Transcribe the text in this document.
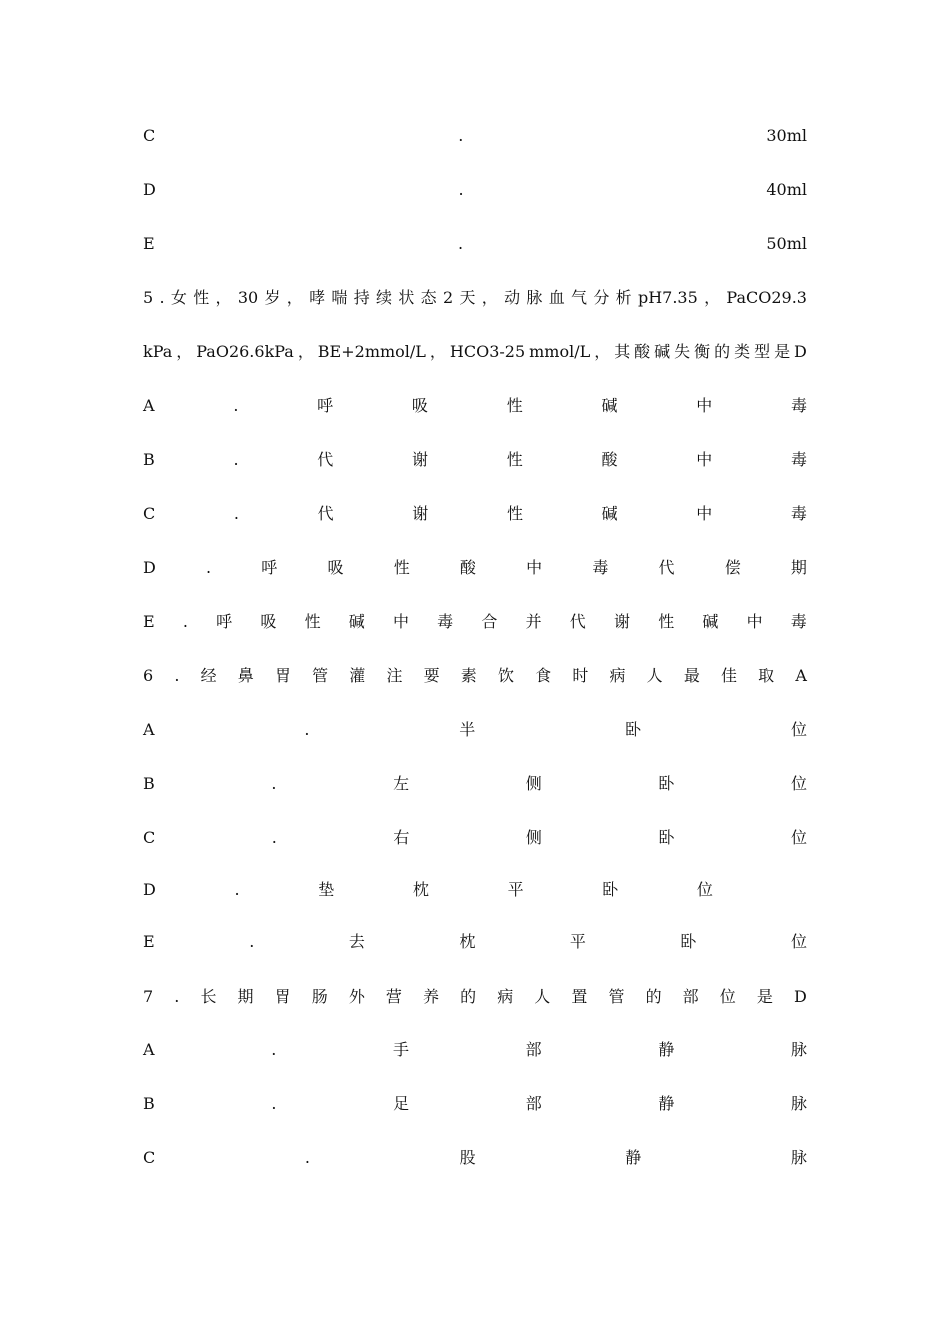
C	.	30ml
D	.	40ml
E	.	50ml
5 . 女 性 ， 30 岁 ， 哮 喘 持 续 状 态 2 天 ， 动 脉 血 气 分 析 pH7.35 ， PaCO29.3
kPa ， PaO26.6kPa ， BE+2mmol/L ， HCO3-25 mmol/L ， 其 酸 碱 失 衡 的 类 型 是 D
A	.	呼	吸	性	碱	中	毒
B	.	代	谢	性	酸	中	毒
C	.	代	谢	性	碱	中	毒
D	.	呼	吸	性	酸	中	毒	代	偿	期
E . 呼 吸 性 碱 中 毒 合 并 代 谢 性 碱 中 毒
6 . 经 鼻 胃 管 灌 注 要 素 饮 食 时 病 人 最 佳 取 A
A	.	半	卧	位
B	.	左	侧	卧	位
C	.	右	侧	卧	位
D	.	垫	枕	平	卧	位
E	.	去	枕	平	卧	位
7 . 长 期 胃 肠 外 营 养 的 病 人 置 管 的 部 位 是 D
A	.	手	部	静	脉
B	.	足	部	静	脉
C	.	股	静	脉
